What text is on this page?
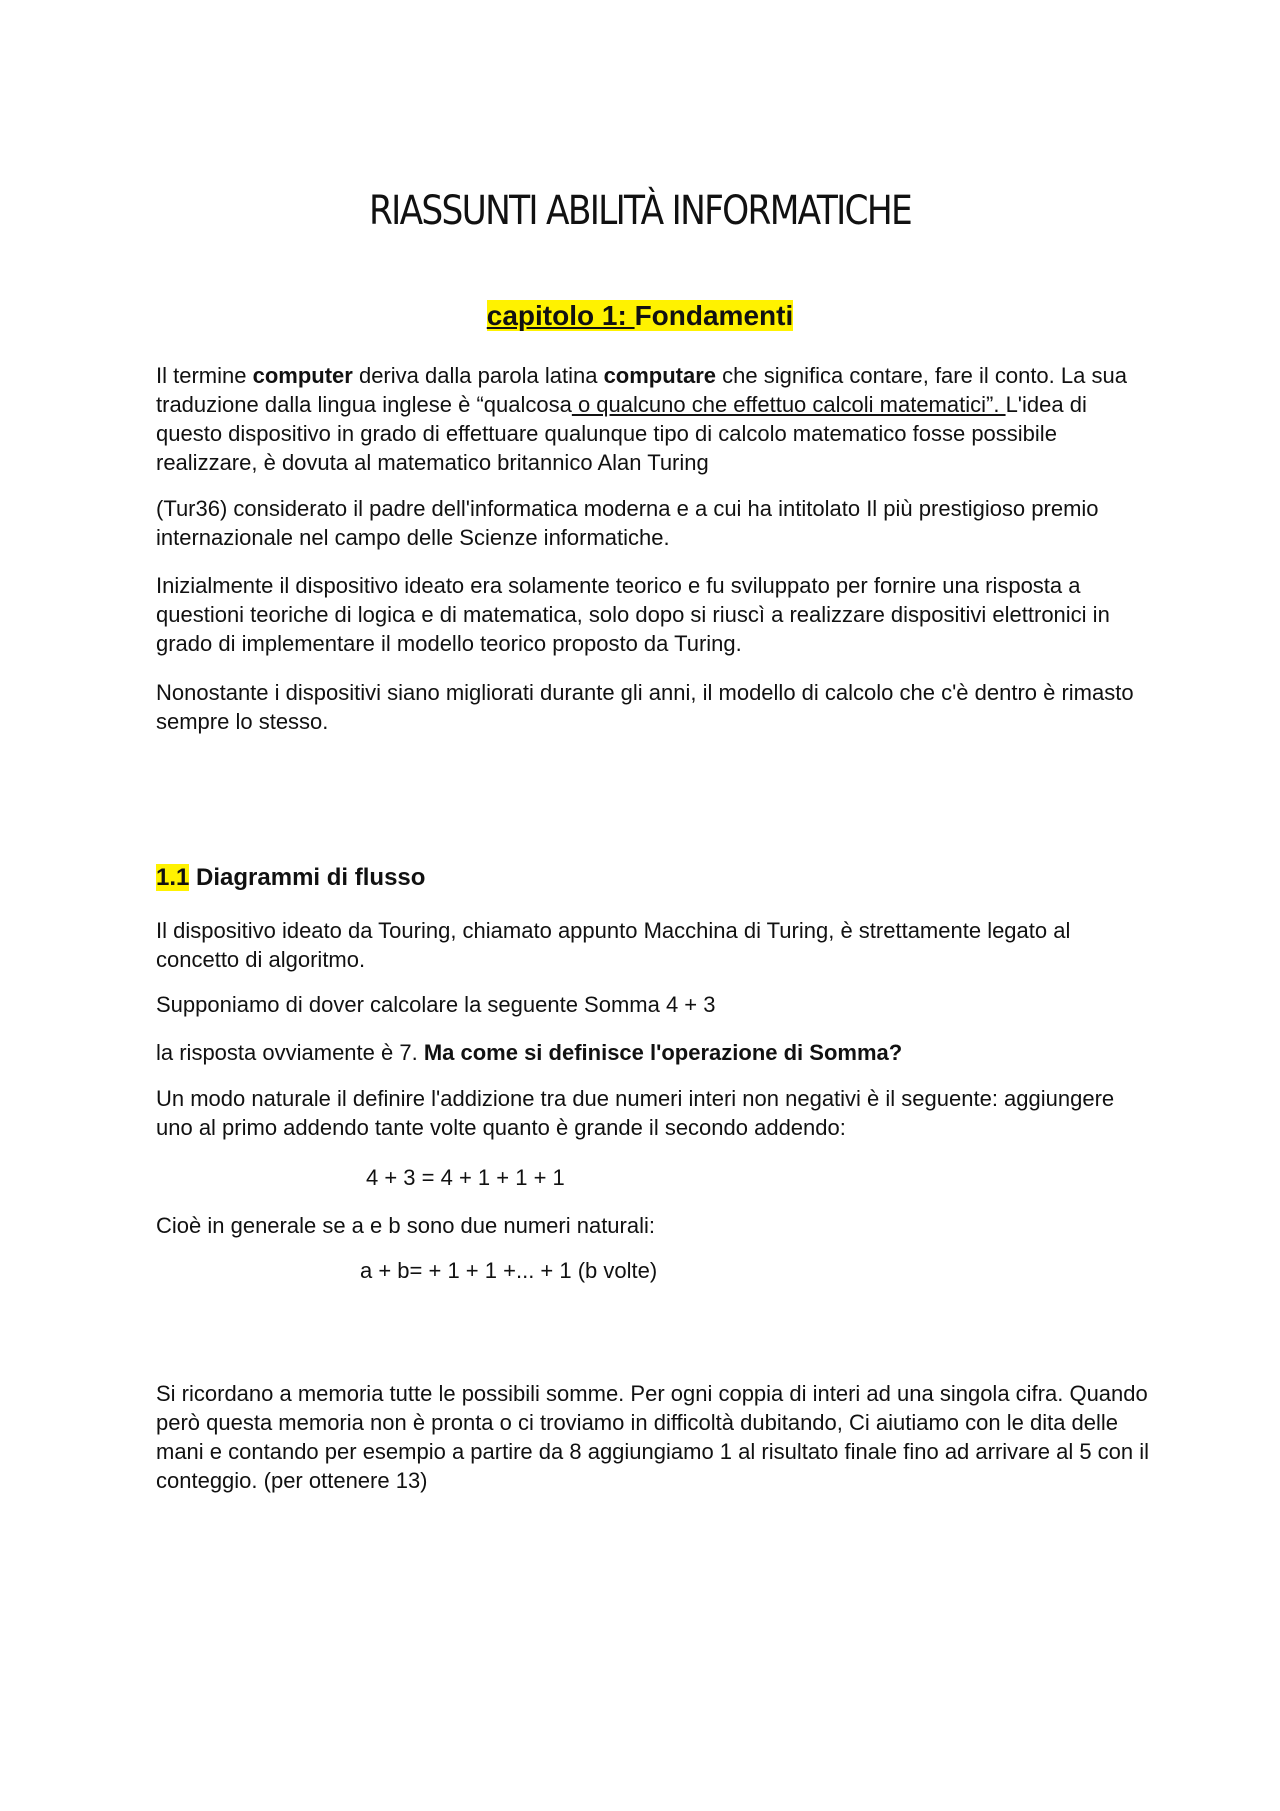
RIASSUNTI ABILITÀ INFORMATICHE
capitolo 1: Fondamenti

Il termine computer deriva dalla parola latina computare che significa contare, fare il conto. La sua traduzione dalla lingua inglese è “qualcosa o qualcuno che effettuo calcoli matematici”. L'idea di questo dispositivo in grado di effettuare qualunque tipo di calcolo matematico fosse possibile realizzare, è dovuta al matematico britannico Alan Turing

(Tur36) considerato il padre dell'informatica moderna e a cui ha intitolato Il più prestigioso premio internazionale nel campo delle Scienze informatiche.

Inizialmente il dispositivo ideato era solamente teorico e fu sviluppato per fornire una risposta a questioni teoriche di logica e di matematica, solo dopo si riuscì a realizzare dispositivi elettronici in grado di implementare il modello teorico proposto da Turing.

Nonostante i dispositivi siano migliorati durante gli anni, il modello di calcolo che c'è dentro è rimasto sempre lo stesso.

1.1 Diagrammi di flusso

Il dispositivo ideato da Touring, chiamato appunto Macchina di Turing, è strettamente legato al concetto di algoritmo.

Supponiamo di dover calcolare la seguente Somma 4 + 3

la risposta ovviamente è 7. Ma come si definisce l'operazione di Somma?

Un modo naturale il definire l'addizione tra due numeri interi non negativi è il seguente: aggiungere uno al primo addendo tante volte quanto è grande il secondo addendo:

4 + 3 = 4 + 1 + 1 + 1

Cioè in generale se a e b sono due numeri naturali:

a + b= + 1 + 1 +... + 1 (b volte)

Si ricordano a memoria tutte le possibili somme. Per ogni coppia di interi ad una singola cifra. Quando però questa memoria non è pronta o ci troviamo in difficoltà dubitando, Ci aiutiamo con le dita delle mani e contando per esempio a partire da 8 aggiungiamo 1 al risultato finale fino ad arrivare al 5 con il conteggio. (per ottenere 13)
